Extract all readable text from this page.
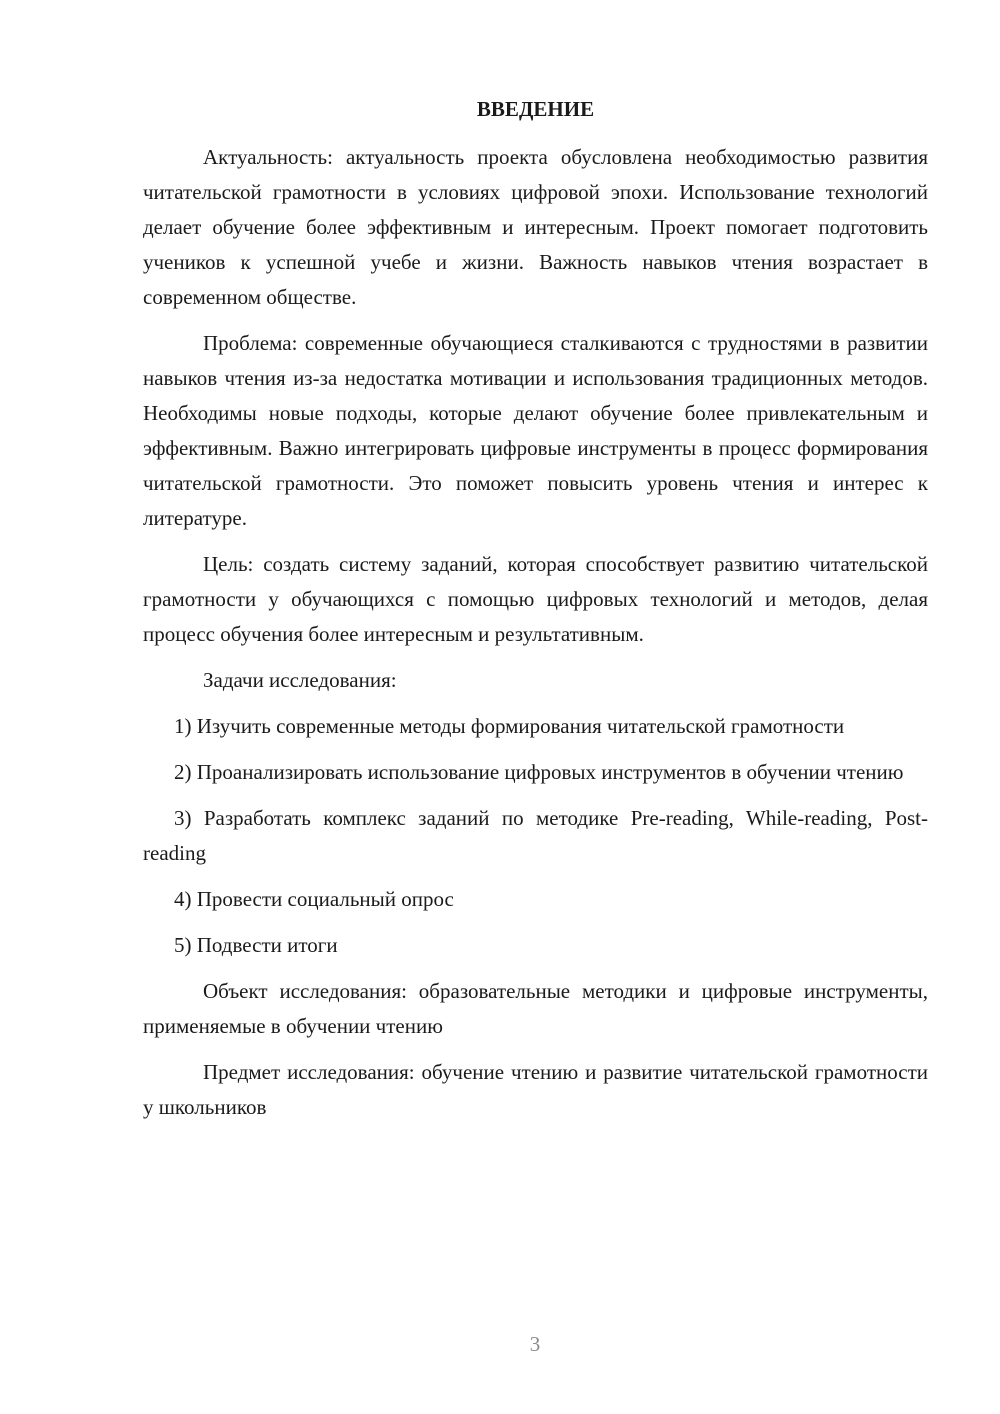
ВВЕДЕНИЕ

Актуальность: актуальность проекта обусловлена необходимостью развития читательской грамотности в условиях цифровой эпохи. Использование технологий делает обучение более эффективным и интересным. Проект помогает подготовить учеников к успешной учебе и жизни. Важность навыков чтения возрастает в современном обществе.

Проблема: современные обучающиеся сталкиваются с трудностями в развитии навыков чтения из-за недостатка мотивации и использования традиционных методов. Необходимы новые подходы, которые делают обучение более привлекательным и эффективным. Важно интегрировать цифровые инструменты в процесс формирования читательской грамотности. Это поможет повысить уровень чтения и интерес к литературе.

Цель: создать систему заданий, которая способствует развитию читательской грамотности у обучающихся с помощью цифровых технологий и методов, делая процесс обучения более интересным и результативным.

Задачи исследования:

1) Изучить современные методы формирования читательской грамотности

2) Проанализировать использование цифровых инструментов в обучении чтению

3) Разработать комплекс заданий по методике Pre-reading, While-reading, Post-reading

4) Провести социальный опрос

5) Подвести итоги

Объект исследования: образовательные методики и цифровые инструменты, применяемые в обучении чтению

Предмет исследования: обучение чтению и развитие читательской грамотности у школьников

3
